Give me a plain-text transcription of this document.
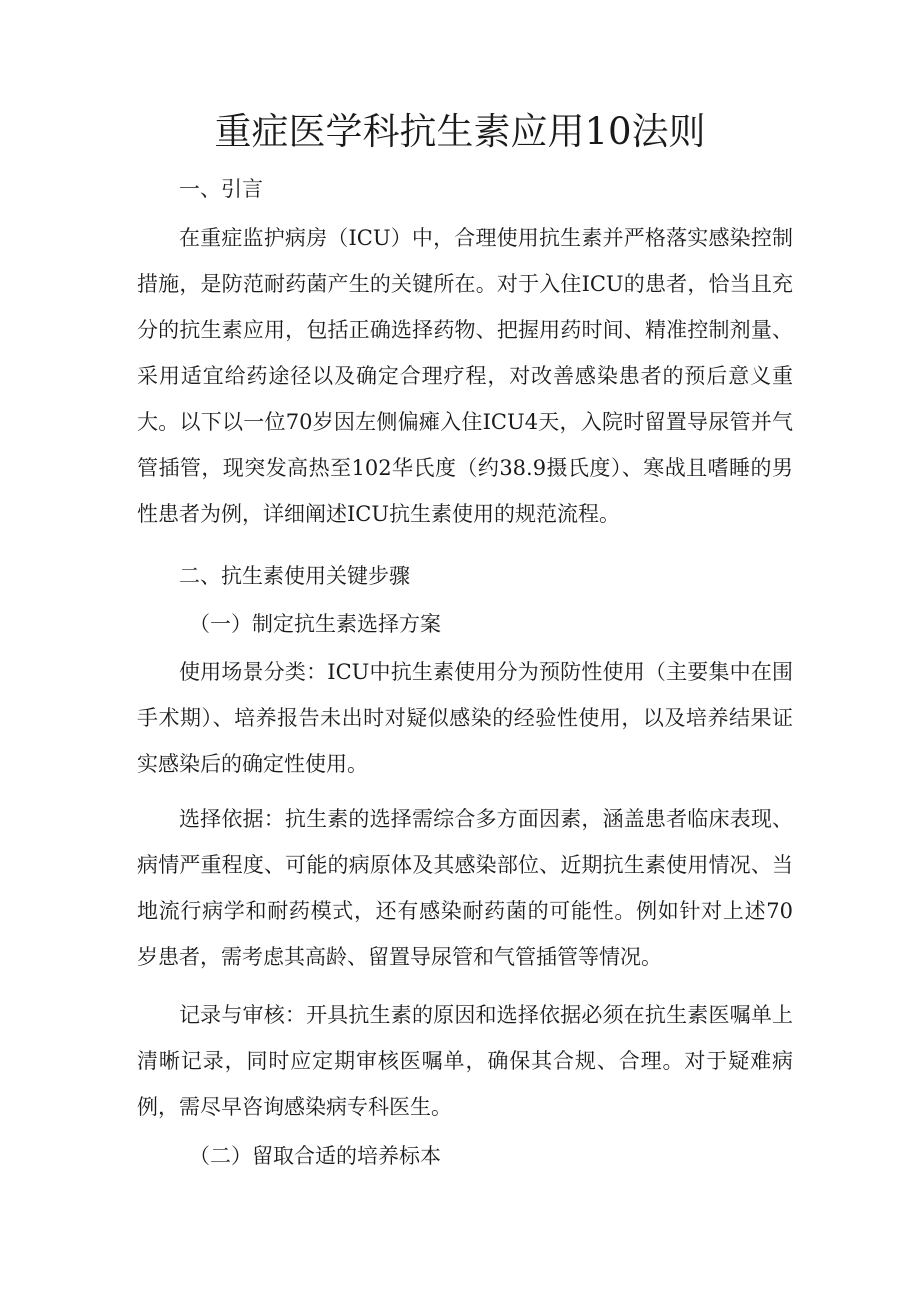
重症医学科抗生素应用10法则

一、引言

在重症监护病房（ICU）中，合理使用抗生素并严格落实感染控制措施，是防范耐药菌产生的关键所在。对于入住ICU的患者，恰当且充分的抗生素应用，包括正确选择药物、把握用药时间、精准控制剂量、采用适宜给药途径以及确定合理疗程，对改善感染患者的预后意义重大。以下以一位70岁因左侧偏瘫入住ICU4天，入院时留置导尿管并气管插管，现突发高热至102华氏度（约38.9摄氏度）、寒战且嗜睡的男性患者为例，详细阐述ICU抗生素使用的规范流程。

二、抗生素使用关键步骤

（一）制定抗生素选择方案

使用场景分类：ICU中抗生素使用分为预防性使用（主要集中在围手术期）、培养报告未出时对疑似感染的经验性使用，以及培养结果证实感染后的确定性使用。

选择依据：抗生素的选择需综合多方面因素，涵盖患者临床表现、病情严重程度、可能的病原体及其感染部位、近期抗生素使用情况、当地流行病学和耐药模式，还有感染耐药菌的可能性。例如针对上述70岁患者，需考虑其高龄、留置导尿管和气管插管等情况。

记录与审核：开具抗生素的原因和选择依据必须在抗生素医嘱单上清晰记录，同时应定期审核医嘱单，确保其合规、合理。对于疑难病例，需尽早咨询感染病专科医生。

（二）留取合适的培养标本
